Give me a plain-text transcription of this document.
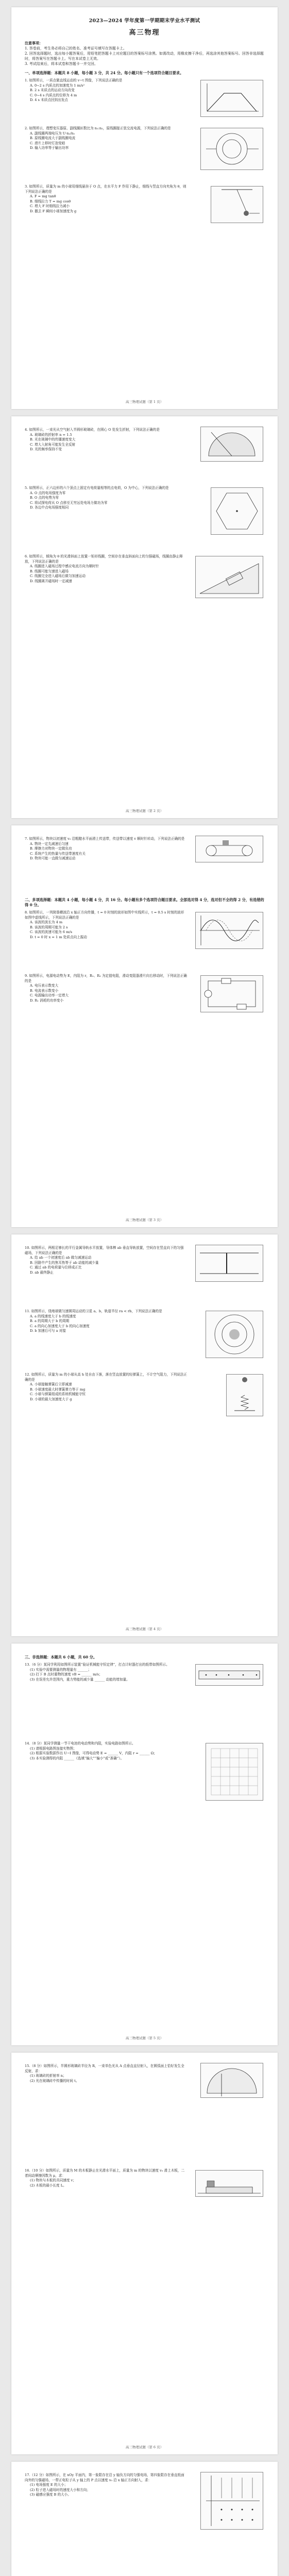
2023—2024 学年度第一学期期末学业水平测试
高三物理
注意事项：
1. 答卷前，考生务必将自己的姓名、准考证号填写在答题卡上。
2. 回答选择题时，选出每小题答案后，用铅笔把答题卡上对应题目的答案标号涂黑。如需改动，用橡皮擦干净后，再选涂其他答案标号。回答非选择题时，将答案写在答题卡上。写在本试卷上无效。
3. 考试结束后，将本试卷和答题卡一并交回。
一、单项选择题：本题共 8 小题，每小题 3 分，共 24 分。每小题只有一个选项符合题目要求。
1. 如图所示，一质点做直线运动的 v−t 图像，下列说法正确的是
A. 0~2 s 内质点的加速度为 1 m/s²
B. 2 s 末质点的运动方向改变
C. 0~4 s 内质点的位移为 4 m
D. 4 s 末质点回到出发点
2. 如图所示，理想变压器原、副线圈匝数比为 n₁:n₂，原线圈接正弦交流电源，下列说法正确的是
A. 副线圈两端电压为 U·n₂/n₁
B. 原线圈电流大于副线圈电流
C. 滑片上移时灯泡变暗
D. 输入功率等于输出功率
3. 如图所示，质量为 m 的小球用细线悬挂于 O 点，在水平力 F 作用下静止，细线与竖直方向夹角为 θ，则下列说法正确的是
A. F = mg tanθ
B. 细线拉力 T = mg cosθ
C. 增大 F 时细线拉力减小
D. 撤去 F 瞬间小球加速度为 g
高三物理试题（第 1 页）
4. 如图所示，一束光从空气射入半圆形玻璃砖，在圆心 O 处发生折射，下列说法正确的是
A. 玻璃砖的折射率 n = 1.5
B. 光在玻璃中的传播速度变大
C. 增大入射角可能发生全反射
D. 光的频率保持不变
5. 如图所示，正六边形的六个顶点上固定有电荷量相等的点电荷，O 为中心，下列说法正确的是
A. O 点的电场强度为零
B. O 点的电势为零
C. 将试探电荷从 O 点移至无穷远处电场力做功为零
D. 各边中点电场强度相同
6. 如图所示，倾角为 θ 的光滑斜面上放置一矩形线圈，空间存在垂直斜面向上的匀强磁场，线圈由静止释放，下列说法正确的是
A. 线圈进入磁场过程中感应电流方向为顺时针
B. 线圈可能匀速进入磁场
C. 线圈完全进入磁场后做匀加速运动
D. 线圈离开磁场时一定减速
高三物理试题（第 2 页）
7. 如图所示，物块以初速度 v₀ 沿粗糙水平面滑上传送带，传送带以速度 v 顺时针转动，下列说法正确的是
A. 物块一定先减速后匀速
B. 摩擦力对物块一定做负功
C. 系统产生的热量与传送带速度有关
D. 物块可能一直做匀减速运动
二、多项选择题：本题共 4 小题，每小题 4 分，共 16 分。每小题有多个选项符合题目要求。全部选对得 4 分，选对但不全的得 2 分，有选错的得 0 分。
8. 如图所示，一列简谐横波沿 x 轴正方向传播，t = 0 时刻的波形如图中实线所示，t = 0.5 s 时刻的波形如图中虚线所示，下列说法正确的是
A. 该波的波长为 4 m
B. 该波的周期可能为 2 s
C. 该波的波速可能为 6 m/s
D. t = 0 时 x = 1 m 处质点向上振动
9. 如图所示，电源电动势为 E，内阻为 r，R₁、R₂ 为定值电阻，滑动变阻器滑片向右移动时，下列说法正确的是
A. 电压表示数变大
B. 电流表示数变小
C. 电源输出功率一定增大
D. R₁ 消耗的功率变小
高三物理试题（第 3 页）
10. 如图所示，两根足够长的平行金属导轨水平放置，导体棒 ab 垂直导轨放置，空间存在竖直向下的匀强磁场，下列说法正确的是
A. 给 ab 一个初速度后 ab 做匀减速运动
B. 回路中产生的焦耳热等于 ab 动能的减少量
C. 通过 ab 的电荷量与位移成正比
D. ab 最终静止
11. 如图所示，绕地球做匀速圆周运动的卫星 a、b，轨道半径 ra < rb，下列说法正确的是
A. a 的线速度大于 b 的线速度
B. a 的周期大于 b 的周期
C. a 的向心加速度大于 b 的向心加速度
D. b 加速后可与 a 对接
12. 如图所示，质量为 m 的小球从高 h 处自由下落，落在竖直放置的轻弹簧上，不计空气阻力，下列说法正确的是
A. 小球接触弹簧后立即减速
B. 小球速度最大时弹簧弹力等于 mg
C. 小球与弹簧组成的系统机械能守恒
D. 小球的最大加速度大于 g
高三物理试题（第 4 页）
三、非选择题：本题共 6 小题，共 60 分。
13.（6 分）某同学利用如图所示装置“验证机械能守恒定律”，打点计时器打出的纸带如图所示。
(1) 实验中需要测量的物理量有 ______；
(2) 打下 B 点时重物的速度 vB = ______ m/s；
(3) 在误差允许范围内，重力势能的减少量 ______ 动能的增加量。
14.（8 分）某同学测量一节干电池的电动势和内阻，实验电路如图所示。
(1) 请根据电路图连接实物图；
(2) 根据实验数据作出 U−I 图像，可得电动势 E = ______ V，内阻 r = ______ Ω；
(3) 本实验测得的内阻 ______（选填“偏大”“偏小”或“准确”）。
高三物理试题（第 5 页）
15.（8 分）如图所示，半圆形玻璃砖半径为 R，一束单色光从 A 点垂直直径射入，在圆弧面上恰好发生全反射，求：
(1) 玻璃砖的折射率 n；
(2) 光在玻璃砖中传播的时间 t。
16.（10 分）如图所示，质量为 M 的木板静止在光滑水平面上，质量为 m 的物块以速度 v₀ 滑上木板，二者间动摩擦因数为 μ，求：
(1) 物块与木板的共同速度 v；
(2) 木板的最小长度 L。
高三物理试题（第 6 页）
17.（12 分）如图所示，在 xOy 平面内，第一象限存在沿 y 轴负方向的匀强电场，第四象限存在垂直纸面向外的匀强磁场，一带正电粒子从 y 轴上的 P 点以速度 v₀ 沿 x 轴正方向射入，求：
(1) 电场强度 E 的大小；
(2) 粒子进入磁场时的速度大小和方向；
(3) 磁感应强度 B 的大小。
